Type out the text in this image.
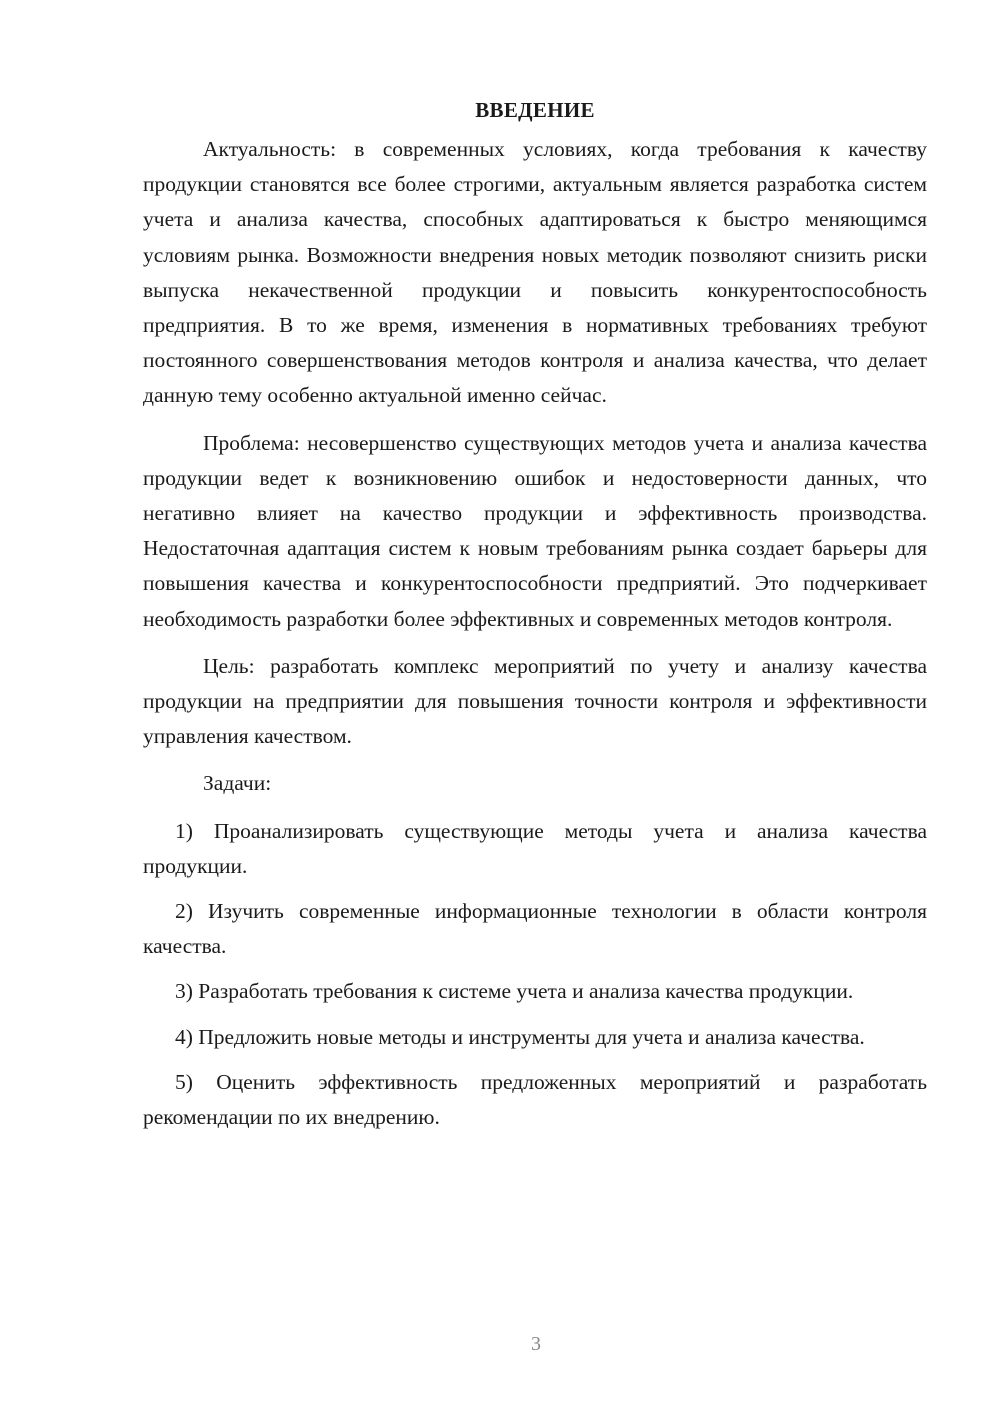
ВВЕДЕНИЕ

Актуальность: в современных условиях, когда требования к качеству продукции становятся все более строгими, актуальным является разработка систем учета и анализа качества, способных адаптироваться к быстро меняющимся условиям рынка. Возможности внедрения новых методик позволяют снизить риски выпуска некачественной продукции и повысить конкурентоспособность предприятия. В то же время, изменения в нормативных требованиях требуют постоянного совершенствования методов контроля и анализа качества, что делает данную тему особенно актуальной именно сейчас.

Проблема: несовершенство существующих методов учета и анализа качества продукции ведет к возникновению ошибок и недостоверности данных, что негативно влияет на качество продукции и эффективность производства. Недостаточная адаптация систем к новым требованиям рынка создает барьеры для повышения качества и конкурентоспособности предприятий. Это подчеркивает необходимость разработки более эффективных и современных методов контроля.

Цель: разработать комплекс мероприятий по учету и анализу качества продукции на предприятии для повышения точности контроля и эффективности управления качеством.

Задачи:

1) Проанализировать существующие методы учета и анализа качества продукции.

2) Изучить современные информационные технологии в области контроля качества.

3) Разработать требования к системе учета и анализа качества продукции.

4) Предложить новые методы и инструменты для учета и анализа качества.

5) Оценить эффективность предложенных мероприятий и разработать рекомендации по их внедрению.

3
